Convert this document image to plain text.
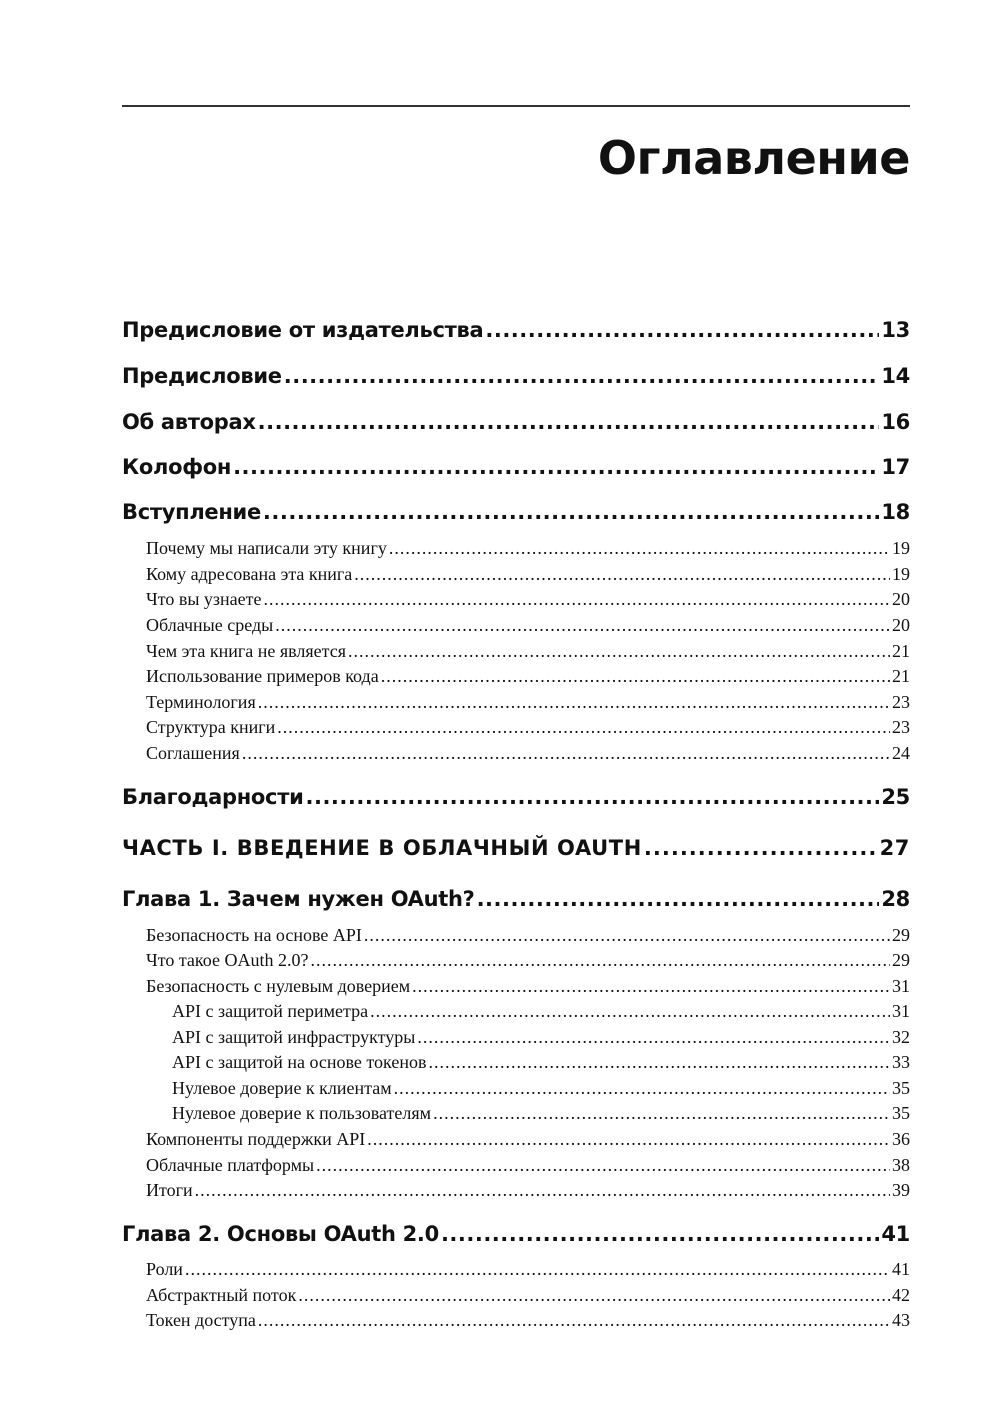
Оглавление
Предисловие от издательства .....	13
Предисловие .....	14
Об авторах .....	16
Колофон .....	17
Вступление .....	18
Почему мы написали эту книгу .....	19
Кому адресована эта книга .....	19
Что вы узнаете .....	20
Облачные среды .....	20
Чем эта книга не является .....	21
Использование примеров кода .....	21
Терминология .....	23
Структура книги .....	23
Соглашения .....	24
Благодарности .....	25
ЧАСТЬ I. ВВЕДЕНИЕ В ОБЛАЧНЫЙ OAUTH .....	27
Глава 1. Зачем нужен OAuth? .....	28
Безопасность на основе API .....	29
Что такое OAuth 2.0? .....	29
Безопасность с нулевым доверием .....	31
API с защитой периметра .....	31
API с защитой инфраструктуры .....	32
API с защитой на основе токенов .....	33
Нулевое доверие к клиентам .....	35
Нулевое доверие к пользователям .....	35
Компоненты поддержки API .....	36
Облачные платформы .....	38
Итоги .....	39
Глава 2. Основы OAuth 2.0 .....	41
Роли .....	41
Абстрактный поток .....	42
Токен доступа .....	43
